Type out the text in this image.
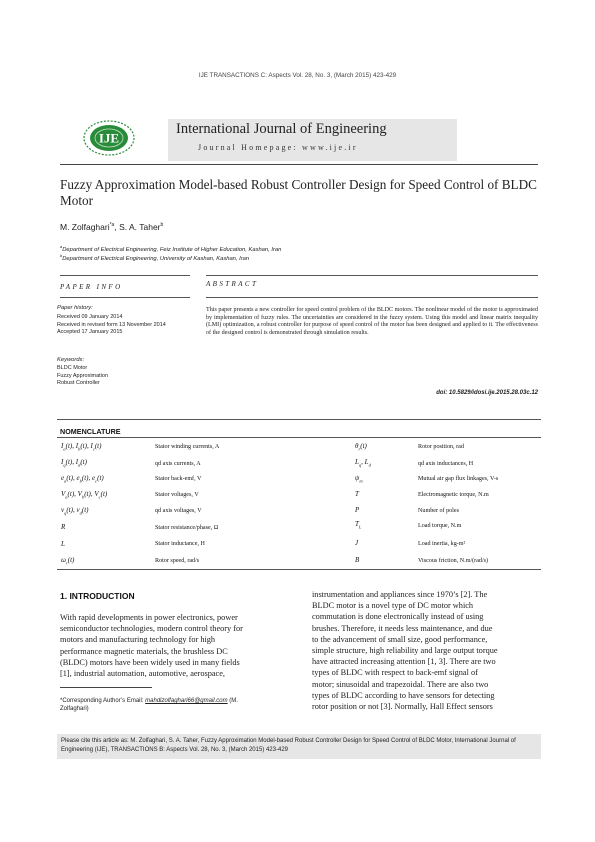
IJE TRANSACTIONS C: Aspects Vol. 28, No. 3, (March 2015) 423-429
IJE
International Journal of Engineering
Journal Homepage: www.ije.ir
Fuzzy Approximation Model-based Robust Controller Design for Speed Control of BLDC Motor
M. Zolfaghari$^{*a}$, S. A. Taher$^b$
$^a$Department of Electrical Engineering, Feiz Institute of Higher Education, Kashan, Iran
$^b$Department of Electrical Engineering, University of Kashan, Kashan, Iran
PAPER INFO	ABSTRACT
Paper history:
Received 09 January 2014
Received in revised form 13 November 2014
Accepted 17 January 2015
Keywords:
BLDC Motor
Fuzzy Approximation
Robust Controller
This paper presents a new controller for speed control problem of the BLDC motors. The nonlinear model of the motor is approximated by implementation of fuzzy rules. The uncertainties are considered in the fuzzy system. Using this model and linear matrix inequality (LMI) optimization, a robust controller for purpose of speed control of the motor has been designed and applied to it. The effectiveness of the designed control is demonstrated through simulation results.
doi: 10.5829/idosi.ije.2015.28.03c.12
NOMENCLATURE
$I_a(t)$, $I_b(t)$, $I_c(t)$
$I_q(t)$, $I_d(t)$
$e_a(t)$, $e_b(t)$, $e_c(t)$
$V_a(t)$, $V_b(t)$, $V_c(t)$
$v_q(t)$, $v_d(t)$
R
L
$\omega_r(t)$
Stator winding currents, A
qd axis currents, A
Stator back-emf, V
Stator voltages, V
qd axis voltages, V
Stator resistance/phase, Ω
Stator inductance, H
Rotor speed, rad/s
$\theta_r(t)$
$L_q$, $L_d$
$\psi_m$
T
P
$T_L$
J
B
Rotor position, rad
qd axis inductances, H
Mutual air gap flux linkages, V-s
Electromagnetic torque, N.m
Number of poles
Load torque, N.m
Load inertia, kg-m²
Viscous friction, N.m/(rad/s)
1. INTRODUCTION
With rapid developments in power electronics, power
semiconductor technologies, modern control theory for
motors and manufacturing technology for high
performance magnetic materials, the brushless DC
(BLDC) motors have been widely used in many fields
[1], industrial automation, automotive, aerospace,
instrumentation and appliances since 1970’s [2]. The
BLDC motor is a novel type of DC motor which
commutation is done electronically instead of using
brushes. Therefore, it needs less maintenance, and due
to the advancement of small size, good performance,
simple structure, high reliability and large output torque
have attracted increasing attention [1, 3]. There are two
types of BLDC with respect to back-emf signal of
motor; sinusoidal and trapezoidal. There are also two
types of BLDC according to have sensors for detecting
rotor position or not [3]. Normally, Hall Effect sensors
*Corresponding Author’s Email: mahdizolfaghari66@gmail.com (M.
Zolfaghari)
Please cite this article as: M. Zolfaghari, S. A. Taher, Fuzzy Approximation Model-based Robust Controller Design for Speed Control of BLDC Motor, International Journal of Engineering (IJE), TRANSACTIONS B: Aspects Vol. 28, No. 3, (March 2015) 423-429
